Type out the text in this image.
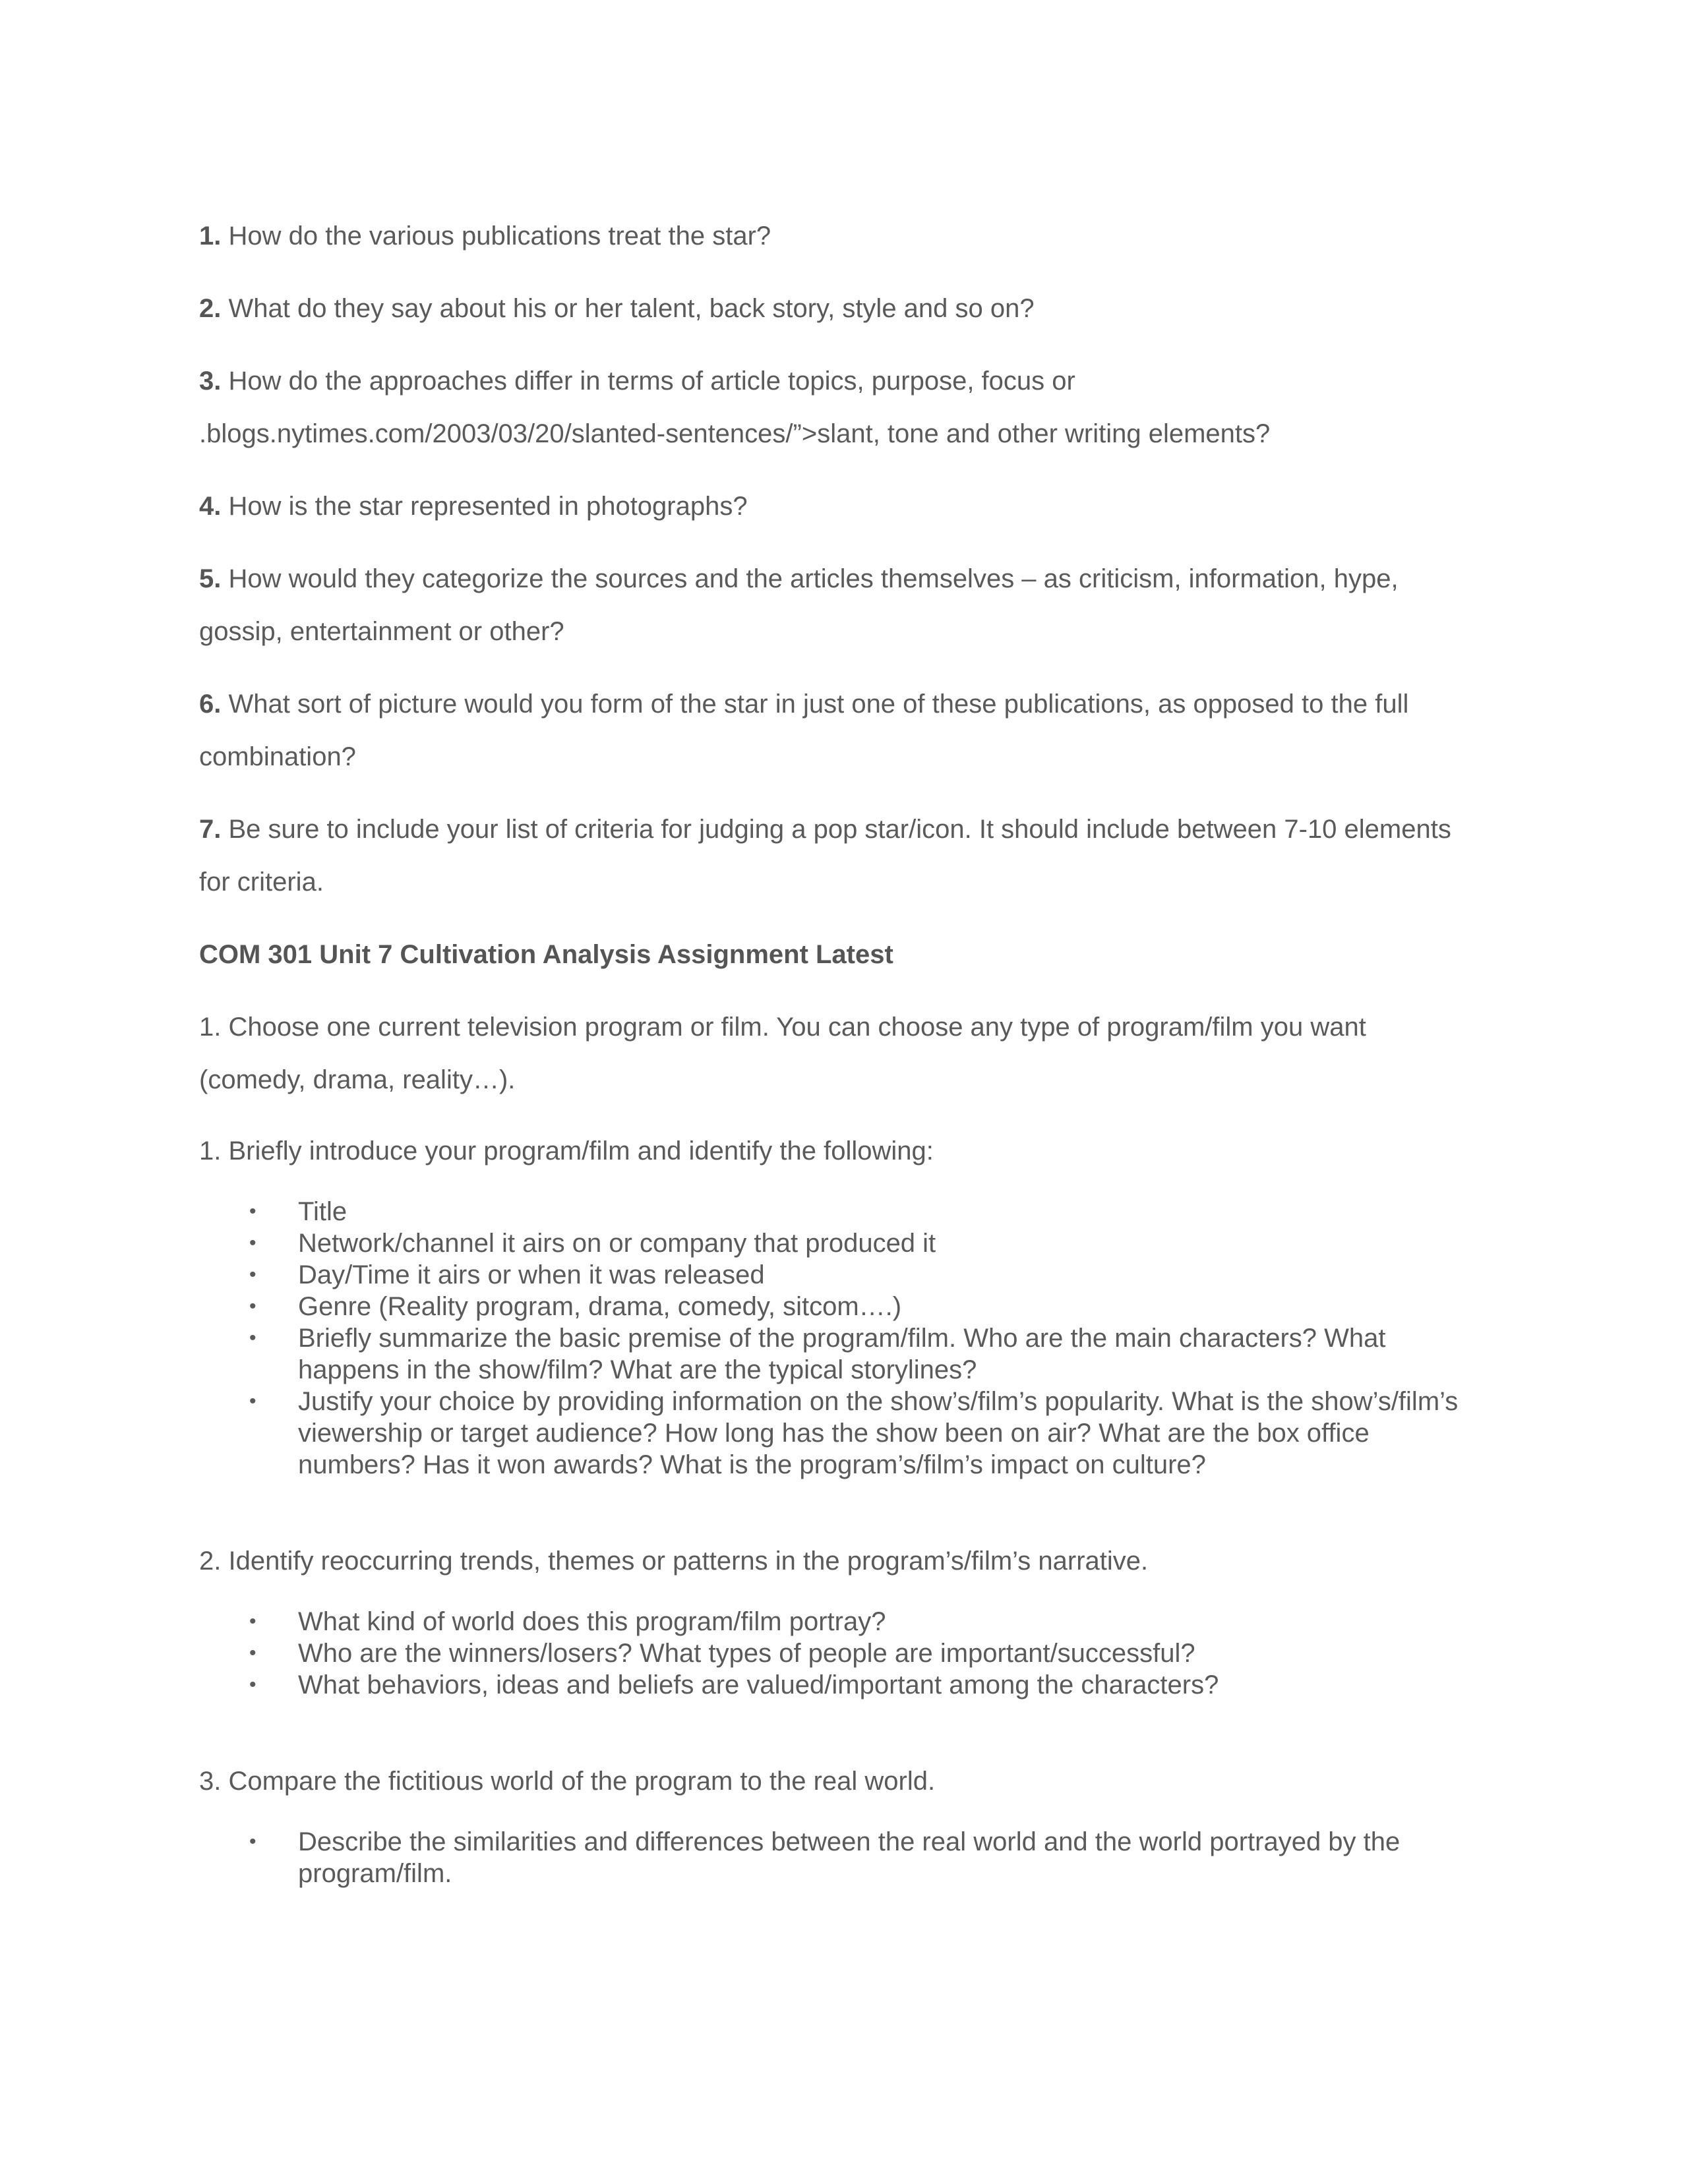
1. How do the various publications treat the star?

2. What do they say about his or her talent, back story, style and so on?

3. How do the approaches differ in terms of article topics, purpose, focus or .blogs.nytimes.com/2003/03/20/slanted-sentences/”>slant, tone and other writing elements?

4. How is the star represented in photographs?

5. How would they categorize the sources and the articles themselves – as criticism, information, hype, gossip, entertainment or other?

6. What sort of picture would you form of the star in just one of these publications, as opposed to the full combination?

7. Be sure to include your list of criteria for judging a pop star/icon. It should include between 7-10 elements for criteria.

COM 301 Unit 7 Cultivation Analysis Assignment Latest

1. Choose one current television program or film. You can choose any type of program/film you want (comedy, drama, reality…).

1. Briefly introduce your program/film and identify the following:

• Title
• Network/channel it airs on or company that produced it
• Day/Time it airs or when it was released
• Genre (Reality program, drama, comedy, sitcom….)
• Briefly summarize the basic premise of the program/film. Who are the main characters? What happens in the show/film? What are the typical storylines?
• Justify your choice by providing information on the show’s/film’s popularity. What is the show’s/film’s viewership or target audience? How long has the show been on air? What are the box office numbers? Has it won awards? What is the program’s/film’s impact on culture?

2. Identify reoccurring trends, themes or patterns in the program’s/film’s narrative.

• What kind of world does this program/film portray?
• Who are the winners/losers? What types of people are important/successful?
• What behaviors, ideas and beliefs are valued/important among the characters?

3. Compare the fictitious world of the program to the real world.

• Describe the similarities and differences between the real world and the world portrayed by the program/film.
